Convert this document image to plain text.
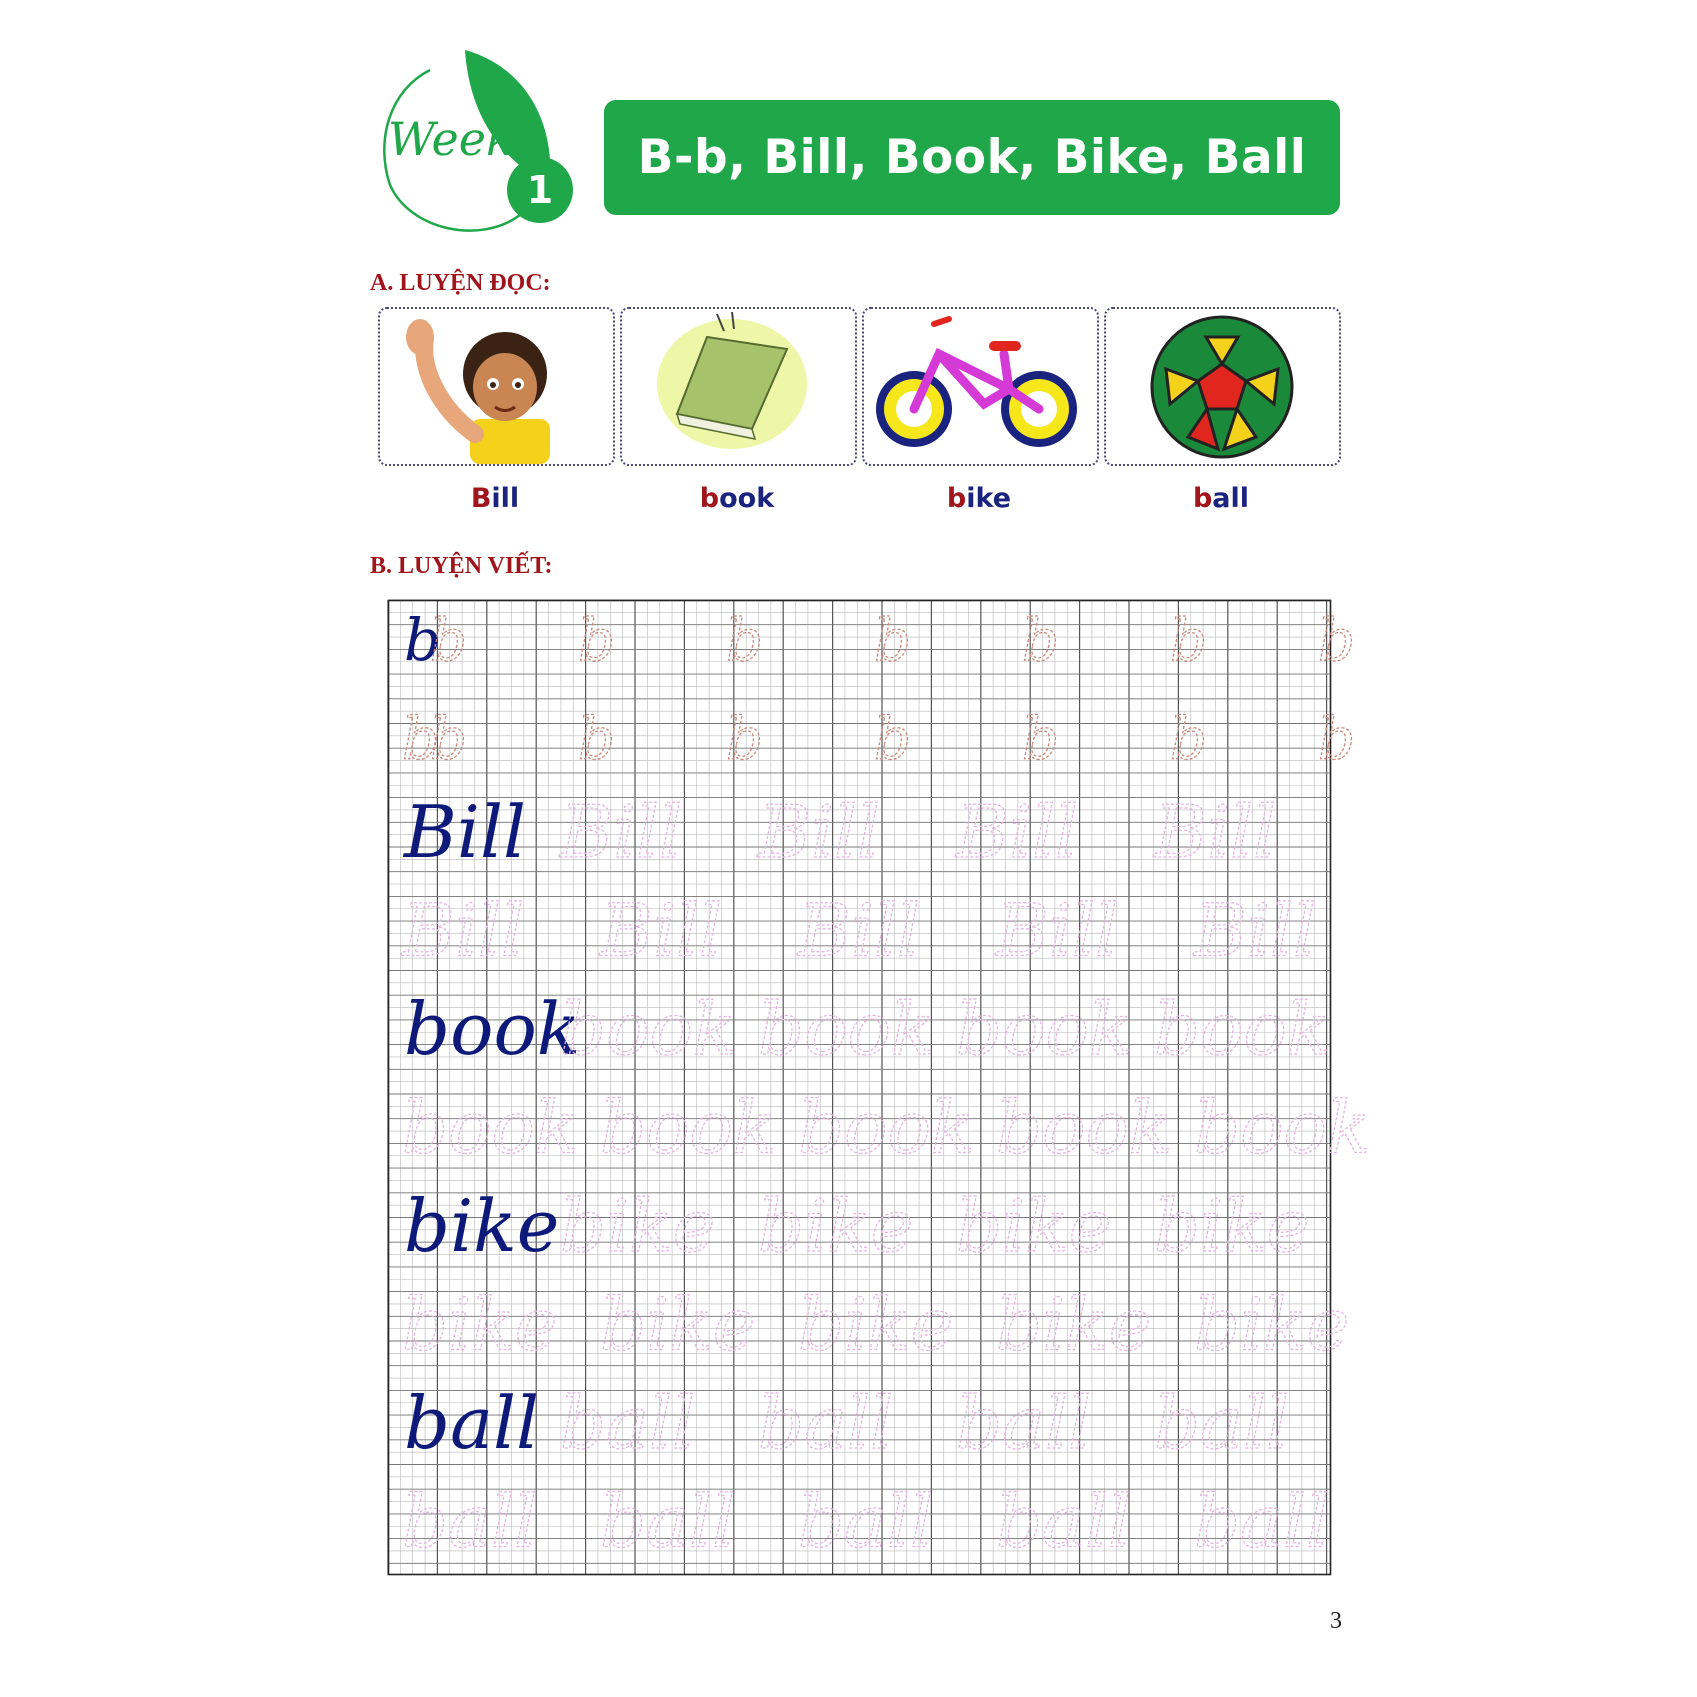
Week
1
B-b, Bill, Book, Bike, Ball
A. LUYỆN ĐỌC:
Bill	book	bike	ball
B. LUYỆN VIẾT:
b
b b b b b b b
b
b b b b b b b
Bill Bill Bill Bill Bill
Bill Bill Bill Bill Bill
book
book book book book
book book book book book
bike bike bike bike bike
bike bike bike bike bike
ball ball ball ball ball
ball ball ball ball ball
3
